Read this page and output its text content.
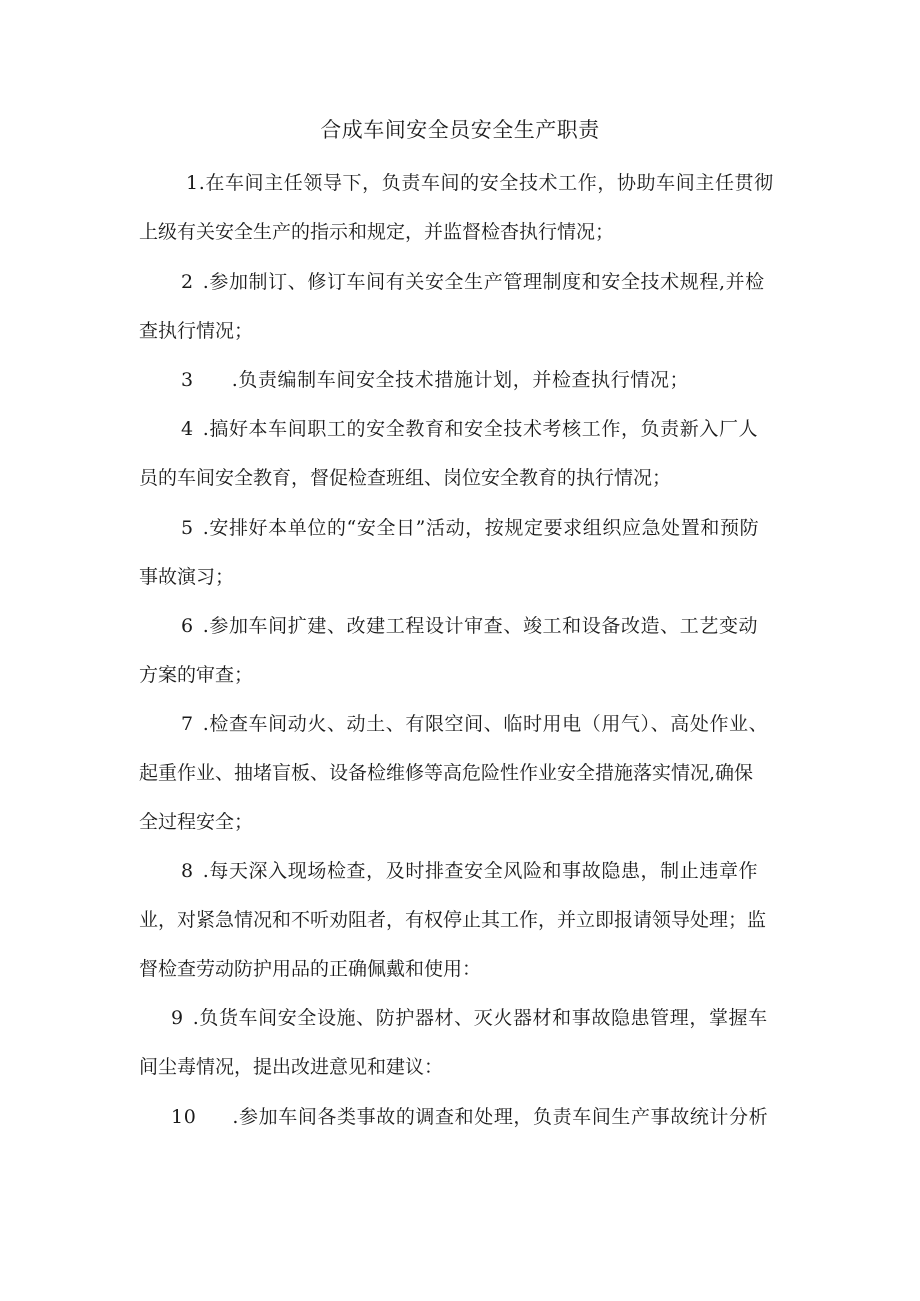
合成车间安全员安全生产职责

1.在车间主任领导下，负责车间的安全技术工作，协助车间主任贯彻

上级有关安全生产的指示和规定，并监督检杳执行情况；

2 .参加制订、修订车间有关安全生产管理制度和安全技术规程,并检

查执行情况；

3 .负责编制车间安全技术措施计划，并检查执行情况；

4 .搞好本车间职工的安全教育和安全技术考核工作，负责新入厂人

员的车间安全教育，督促检查班组、岗位安全教育的执行情况；

5 .安排好本单位的“安全日”活动，按规定要求组织应急处置和预防

事故演习；

6 .参加车间扩建、改建工程设计审查、竣工和设备改造、工艺变动

方案的审查；

7 .检查车间动火、动土、有限空间、临时用电（用气）、高处作业、

起重作业、抽堵盲板、设备检维修等高危险性作业安全措施落实情况,确保

全过程安全；

8 .每天深入现场检查，及时排查安全风险和事故隐患，制止违章作

业，对紧急情况和不听劝阻者，有权停止其工作，并立即报请领导处理；监

督检查劳动防护用品的正确佩戴和使用：

9 .负货车间安全设施、防护器材、灭火器材和事故隐患管理，掌握车

间尘毒情况，提出改进意见和建议：

10 .参加车间各类事故的调查和处理，负责车间生产事故统计分析
